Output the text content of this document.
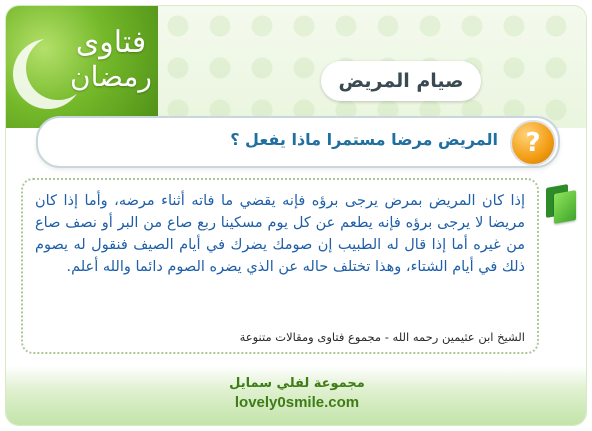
فتاوى
رمضان	صيام المريض
?
المريض مرضا مستمرا ماذا يفعل ؟
إذا كان المريض بمرض يرجى برؤه فإنه يقضي ما فاته أثناء مرضه، وأما إذا كان مريضا لا يرجى برؤه فإنه يطعم عن كل يوم مسكينا ربع صاع من البر أو نصف صاع من غيره أما إذا قال له الطبيب إن صومك يضرك في أيام الصيف فنقول له يصوم ذلك في أيام الشتاء، وهذا تختلف حاله عن الذي يضره الصوم دائما والله أعلم.
الشيخ ابن عثيمين رحمه الله - مجموع فتاوى ومقالات متنوعة
مجموعة لفلي سمايل
lovely0smile.com
